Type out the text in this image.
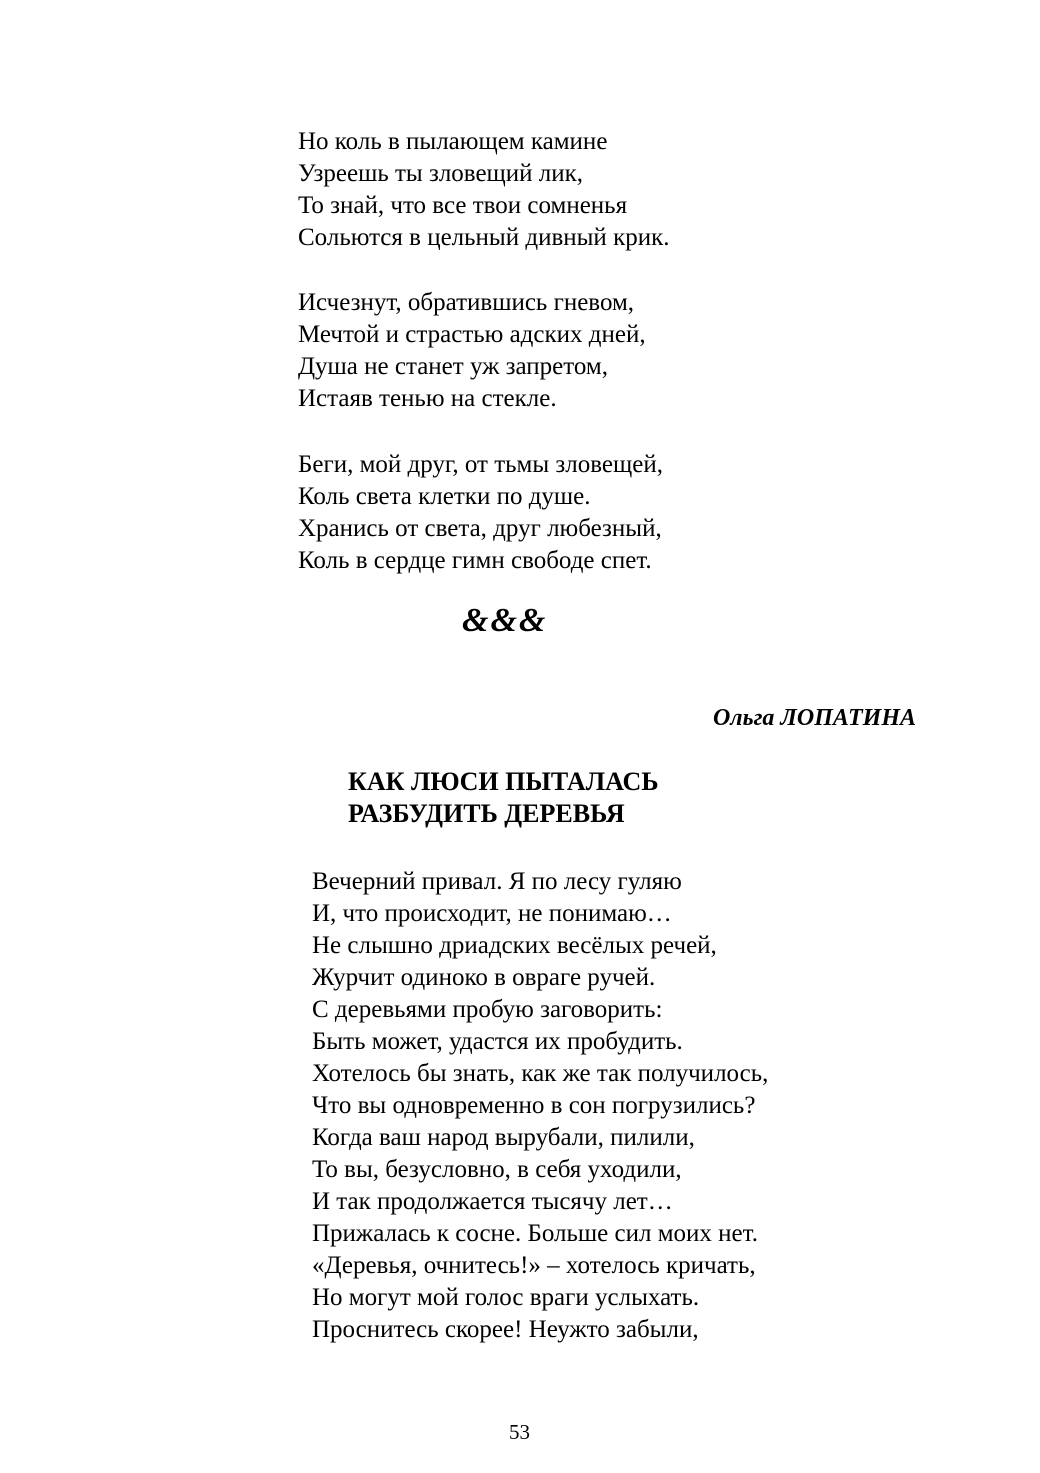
Но коль в пылающем камине
Узреешь ты зловещий лик,
То знай, что все твои сомненья
Сольются в цельный дивный крик.
Исчезнут, обратившись гневом,
Мечтой и страстью адских дней,
Душа не станет уж запретом,
Истаяв тенью на стекле.
Беги, мой друг, от тьмы зловещей,
Коль света клетки по душе.
Хранись от света, друг любезный,
Коль в сердце гимн свободе спет.
&&&
Ольга ЛОПАТИНА
КАК ЛЮСИ ПЫТАЛАСЬ
РАЗБУДИТЬ ДЕРЕВЬЯ
Вечерний привал. Я по лесу гуляю
И, что происходит, не понимаю…
Не слышно дриадских весёлых речей,
Журчит одиноко в овраге ручей.
С деревьями пробую заговорить:
Быть может, удастся их пробудить.
Хотелось бы знать, как же так получилось,
Что вы одновременно в сон погрузились?
Когда ваш народ вырубали, пилили,
То вы, безусловно, в себя уходили,
И так продолжается тысячу лет…
Прижалась к сосне. Больше сил моих нет.
«Деревья, очнитесь!» – хотелось кричать,
Но могут мой голос враги услыхать.
Проснитесь скорее! Неужто забыли,
53
